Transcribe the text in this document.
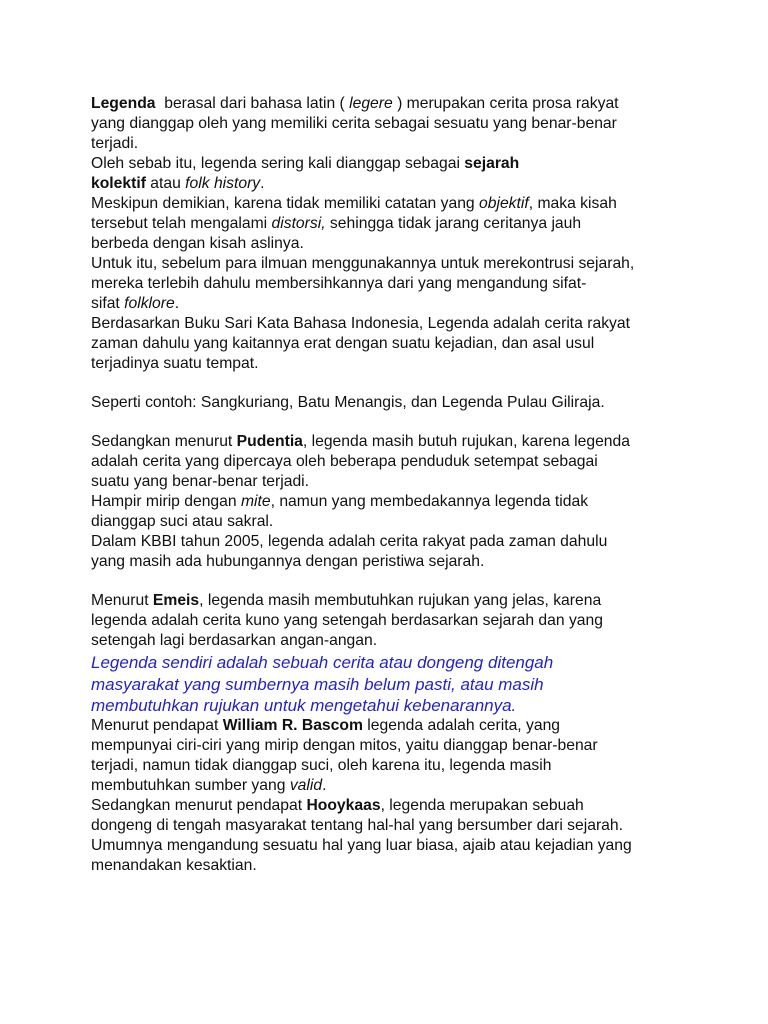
Legenda  berasal dari bahasa latin ( legere ) merupakan cerita prosa rakyat
yang dianggap oleh yang memiliki cerita sebagai sesuatu yang benar-benar
terjadi.

Oleh sebab itu, legenda sering kali dianggap sebagai sejarah
kolektif atau folk history.

Meskipun demikian, karena tidak memiliki catatan yang objektif, maka kisah
tersebut telah mengalami distorsi, sehingga tidak jarang ceritanya jauh
berbeda dengan kisah aslinya.

Untuk itu, sebelum para ilmuan menggunakannya untuk merekontrusi sejarah,
mereka terlebih dahulu membersihkannya dari yang mengandung sifat-
sifat folklore.

Berdasarkan Buku Sari Kata Bahasa Indonesia, Legenda adalah cerita rakyat
zaman dahulu yang kaitannya erat dengan suatu kejadian, dan asal usul
terjadinya suatu tempat.

Seperti contoh: Sangkuriang, Batu Menangis, dan Legenda Pulau Giliraja.

Sedangkan menurut Pudentia, legenda masih butuh rujukan, karena legenda
adalah cerita yang dipercaya oleh beberapa penduduk setempat sebagai
suatu yang benar-benar terjadi.
Hampir mirip dengan mite, namun yang membedakannya legenda tidak
dianggap suci atau sakral.
Dalam KBBI tahun 2005, legenda adalah cerita rakyat pada zaman dahulu
yang masih ada hubungannya dengan peristiwa sejarah.

Menurut Emeis, legenda masih membutuhkan rujukan yang jelas, karena
legenda adalah cerita kuno yang setengah berdasarkan sejarah dan yang
setengah lagi berdasarkan angan-angan.

Legenda sendiri adalah sebuah cerita atau dongeng ditengah
masyarakat yang sumbernya masih belum pasti, atau masih
membutuhkan rujukan untuk mengetahui kebenarannya.

Menurut pendapat William R. Bascom legenda adalah cerita, yang
mempunyai ciri-ciri yang mirip dengan mitos, yaitu dianggap benar-benar
terjadi, namun tidak dianggap suci, oleh karena itu, legenda masih
membutuhkan sumber yang valid.
Sedangkan menurut pendapat Hooykaas, legenda merupakan sebuah
dongeng di tengah masyarakat tentang hal-hal yang bersumber dari sejarah.
Umumnya mengandung sesuatu hal yang luar biasa, ajaib atau kejadian yang
menandakan kesaktian.
